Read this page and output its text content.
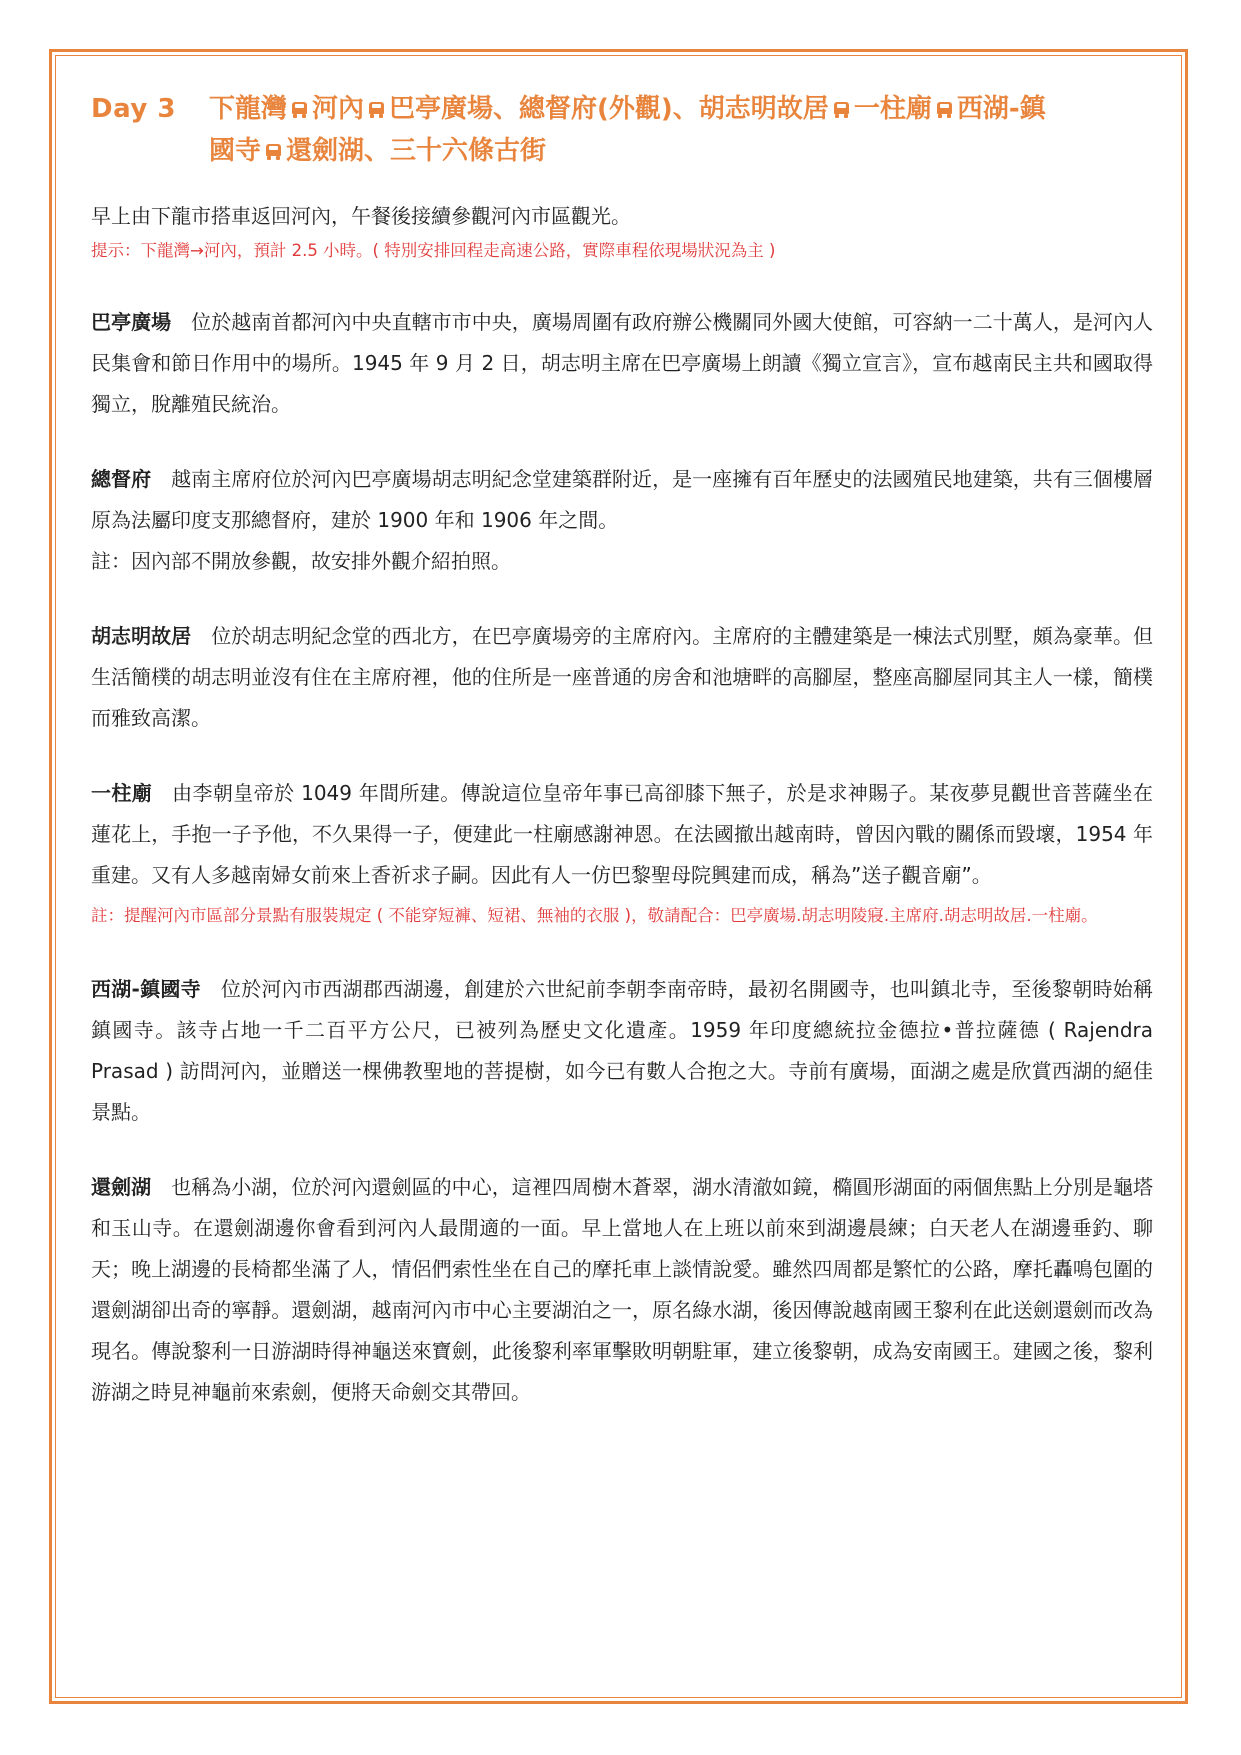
Day 3	下龍灣 河內 巴亭廣場、總督府(外觀)、胡志明故居 一柱廟 西湖-鎮
國寺 還劍湖、三十六條古街
早上由下龍市搭車返回河內，午餐後接續參觀河內市區觀光。
提示：下龍灣→河內，預計 2.5 小時。( 特別安排回程走高速公路，實際車程依現場狀況為主 )
巴亭廣場 位於越南首都河內中央直轄市市中央，廣場周圍有政府辦公機關同外國大使館，可容納一二十萬人，是河內人民集會和節日作用中的場所。1945 年 9 月 2 日，胡志明主席在巴亭廣場上朗讀《獨立宣言》，宣布越南民主共和國取得獨立，脫離殖民統治。
總督府 越南主席府位於河內巴亭廣場胡志明紀念堂建築群附近，是一座擁有百年歷史的法國殖民地建築，共有三個樓層原為法屬印度支那總督府，建於 1900 年和 1906 年之間。
註：因內部不開放參觀，故安排外觀介紹拍照。
胡志明故居 位於胡志明紀念堂的西北方，在巴亭廣場旁的主席府內。主席府的主體建築是一棟法式別墅，頗為豪華。但生活簡樸的胡志明並沒有住在主席府裡，他的住所是一座普通的房舍和池塘畔的高腳屋，整座高腳屋同其主人一樣，簡樸而雅致高潔。
一柱廟 由李朝皇帝於 1049 年間所建。傳說這位皇帝年事已高卻膝下無子，於是求神賜子。某夜夢見觀世音菩薩坐在蓮花上，手抱一子予他，不久果得一子，便建此一柱廟感謝神恩。在法國撤出越南時，曾因內戰的關係而毀壞，1954 年重建。又有人多越南婦女前來上香祈求子嗣。因此有人一仿巴黎聖母院興建而成，稱為”送子觀音廟”。
註：提醒河內市區部分景點有服裝規定 ( 不能穿短褲、短裙、無袖的衣服 )，敬請配合：巴亭廣場.胡志明陵寢.主席府.胡志明故居.一柱廟。
西湖-鎮國寺 位於河內市西湖郡西湖邊，創建於六世紀前李朝李南帝時，最初名開國寺，也叫鎮北寺，至後黎朝時始稱鎮國寺。該寺占地一千二百平方公尺，已被列為歷史文化遺產。1959 年印度總統拉金德拉•普拉薩德 ( Rajendra Prasad ) 訪問河內，並贈送一棵佛教聖地的菩提樹，如今已有數人合抱之大。寺前有廣場，面湖之處是欣賞西湖的絕佳景點。
還劍湖 也稱為小湖，位於河內還劍區的中心，這裡四周樹木蒼翠，湖水清澈如鏡，橢圓形湖面的兩個焦點上分別是龜塔和玉山寺。在還劍湖邊你會看到河內人最閒適的一面。早上當地人在上班以前來到湖邊晨練；白天老人在湖邊垂釣、聊天；晚上湖邊的長椅都坐滿了人，情侶們索性坐在自己的摩托車上談情說愛。雖然四周都是繁忙的公路，摩托轟鳴包圍的還劍湖卻出奇的寧靜。還劍湖，越南河內市中心主要湖泊之一，原名綠水湖，後因傳說越南國王黎利在此送劍還劍而改為現名。傳說黎利一日游湖時得神龜送來寶劍，此後黎利率軍擊敗明朝駐軍，建立後黎朝，成為安南國王。建國之後，黎利游湖之時見神龜前來索劍，便將天命劍交其帶回。
